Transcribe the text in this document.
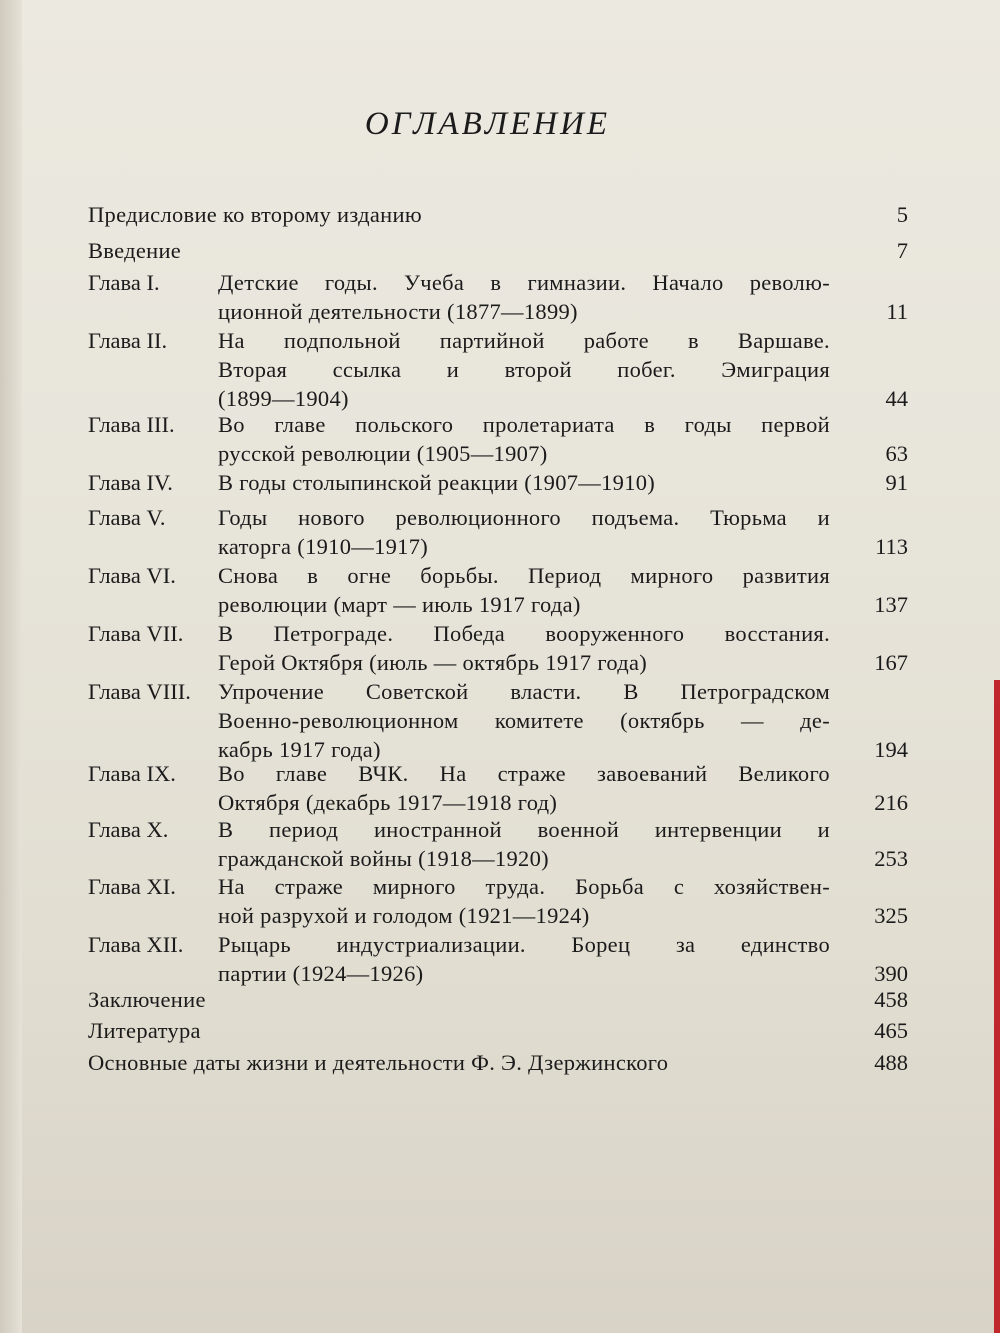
ОГЛАВЛЕНИЕ
Предисловие ко второму изданию	5
Введение	7
Глава I.	Детские годы. Учеба в гимназии. Начало револю-
ционной деятельности (1877—1899)	11
Глава II. На подпольной партийной работе в Варшаве.
Вторая ссылка и второй побег. Эмиграция
(1899—1904)	44
Глава III. Во главе польского пролетариата в годы первой
русской революции (1905—1907)	63
Глава IV. В годы столыпинской реакции (1907—1910)	91
Глава V. Годы нового революционного подъема. Тюрьма и
каторга (1910—1917)	113
Глава VI. Снова в огне борьбы. Период мирного развития
революции (март — июль 1917 года)	137
Глава VII. В Петрограде. Победа вооруженного восстания.
Герой Октября (июль — октябрь 1917 года)	167
Глава VIII. Упрочение Советской власти. В Петроградском
Военно-революционном комитете (октябрь — де-
кабрь 1917 года)	194
Глава IX. Во главе ВЧК. На страже завоеваний Великого
Октября (декабрь 1917—1918 год)	216
Глава X. В период иностранной военной интервенции и
гражданской войны (1918—1920)	253
Глава XI. На страже мирного труда. Борьба с хозяйствен-
ной разрухой и голодом (1921—1924)	325
Глава XII. Рыцарь индустриализации. Борец за единство
партии (1924—1926)	390
Заключение	458
Литература	465
Основные даты жизни и деятельности Ф. Э. Дзержинского	488
